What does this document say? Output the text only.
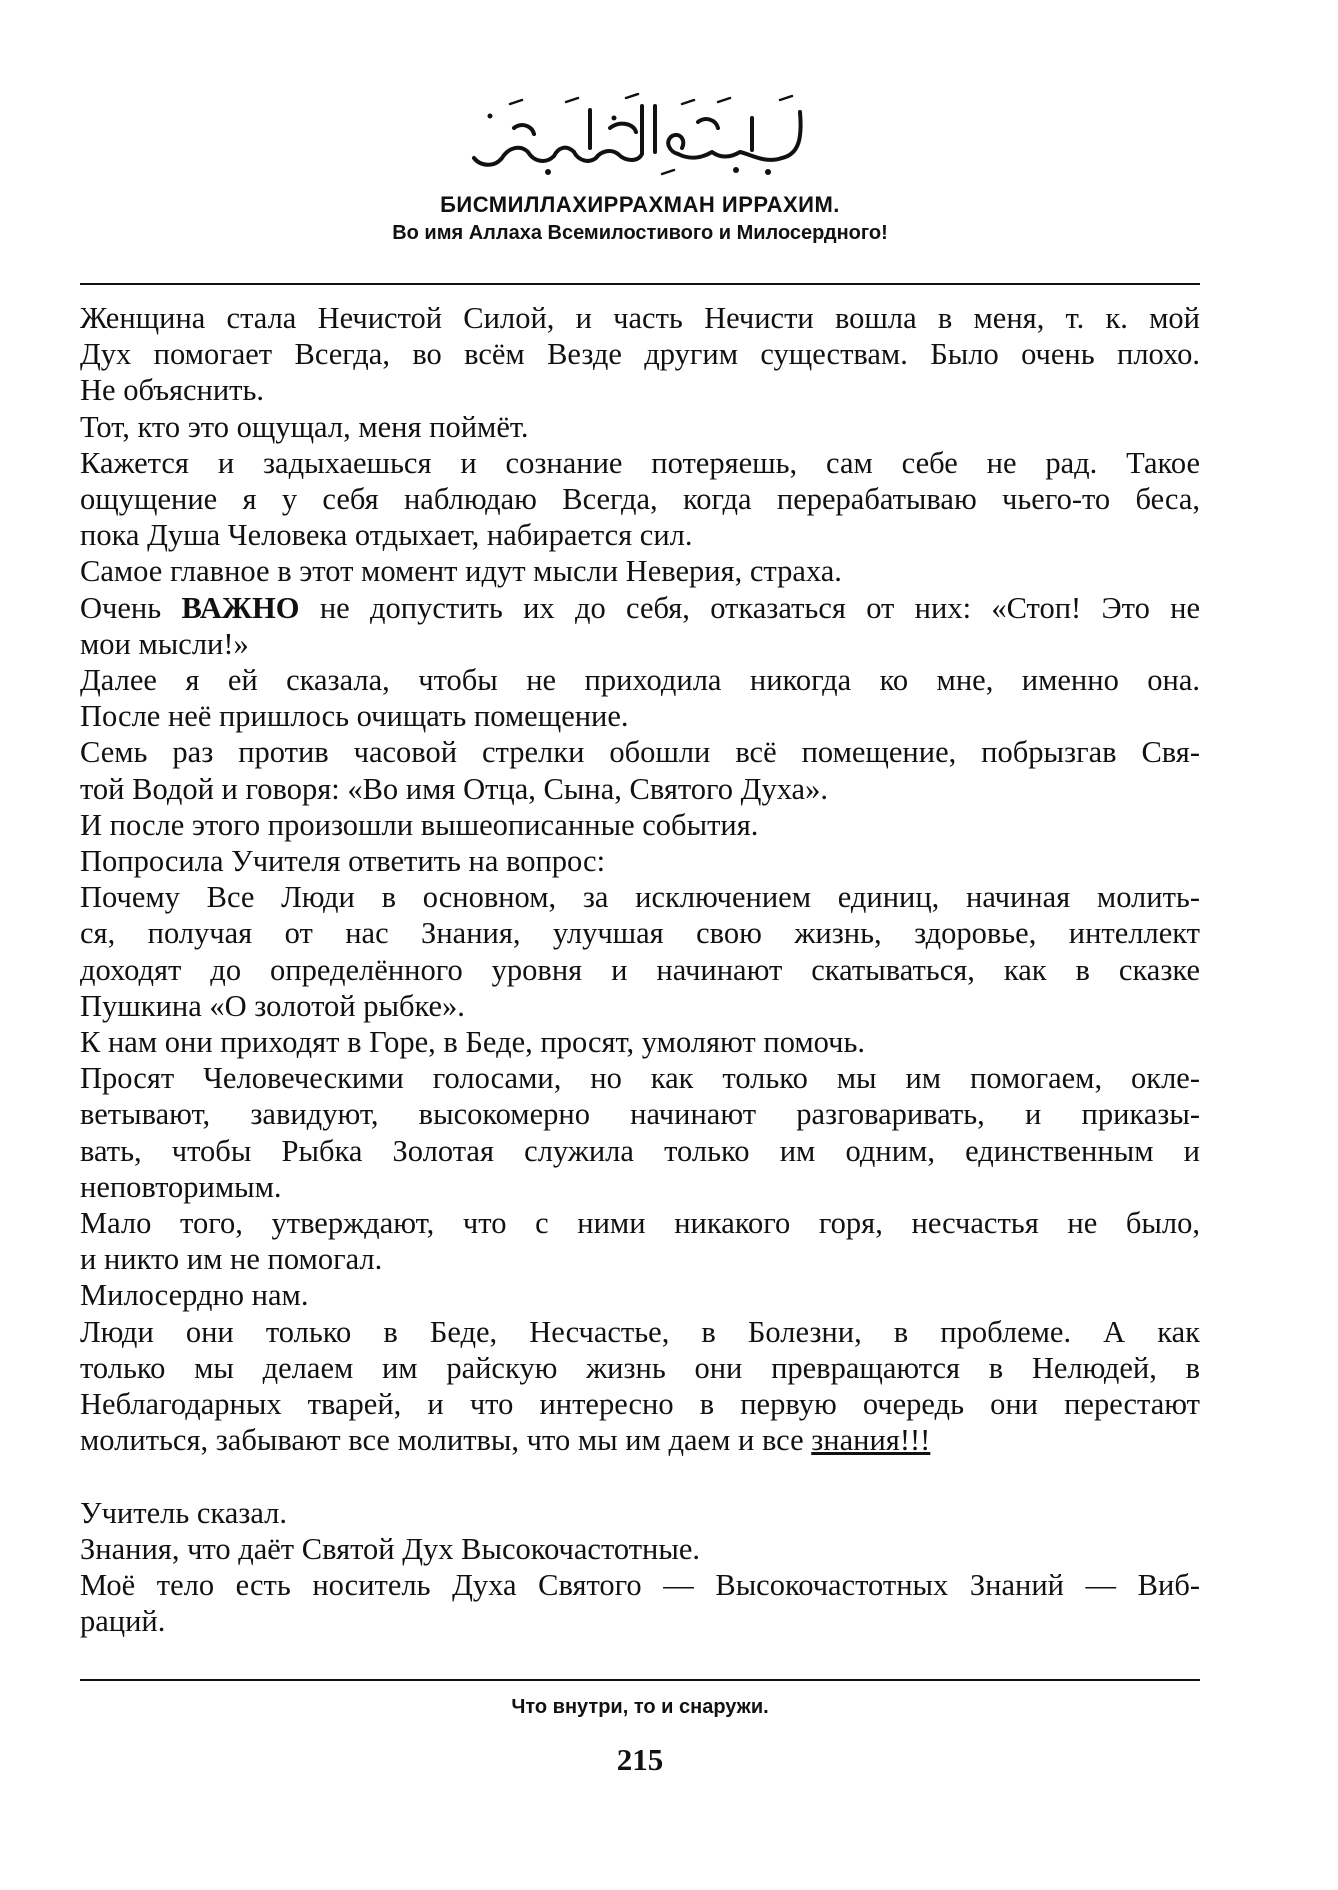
БИСМИЛЛАХИРРАХМАН ИРРАХИМ.
Во имя Аллаха Всемилостивого и Милосердного!
Женщина стала Нечистой Силой, и часть Нечисти вошла в меня, т. к. мой
Дух помогает Всегда, во всём Везде другим существам. Было очень плохо.
Не объяснить.
Тот, кто это ощущал, меня поймёт.
Кажется и задыхаешься и сознание потеряешь, сам себе не рад. Такое
ощущение я у себя наблюдаю Всегда, когда перерабатываю чьего-то беса,
пока Душа Человека отдыхает, набирается сил.
Самое главное в этот момент идут мысли Неверия, страха.
Очень ВАЖНО не допустить их до себя, отказаться от них: «Стоп! Это не
мои мысли!»
Далее я ей сказала, чтобы не приходила никогда ко мне, именно она.
После неё пришлось очищать помещение.
Семь раз против часовой стрелки обошли всё помещение, побрызгав Свя-
той Водой и говоря: «Во имя Отца, Сына, Святого Духа».
И после этого произошли вышеописанные события.
Попросила Учителя ответить на вопрос:
Почему Все Люди в основном, за исключением единиц, начиная молить-
ся, получая от нас Знания, улучшая свою жизнь, здоровье, интеллект
доходят до определённого уровня и начинают скатываться, как в сказке
Пушкина «О золотой рыбке».
К нам они приходят в Горе, в Беде, просят, умоляют помочь.
Просят Человеческими голосами, но как только мы им помогаем, окле-
ветывают, завидуют, высокомерно начинают разговаривать, и приказы-
вать, чтобы Рыбка Золотая служила только им одним, единственным и
неповторимым.
Мало того, утверждают, что с ними никакого горя, несчастья не было,
и никто им не помогал.
Милосердно нам.
Люди они только в Беде, Несчастье, в Болезни, в проблеме. А как
только мы делаем им райскую жизнь они превращаются в Нелюдей, в
Неблагодарных тварей, и что интересно в первую очередь они перестают
молиться, забывают все молитвы, что мы им даем и все знания!!!
Учитель сказал.
Знания, что даёт Святой Дух Высокочастотные.
Моё тело есть носитель Духа Святого — Высокочастотных Знаний — Виб-
раций.
Что внутри, то и снаружи.
215
